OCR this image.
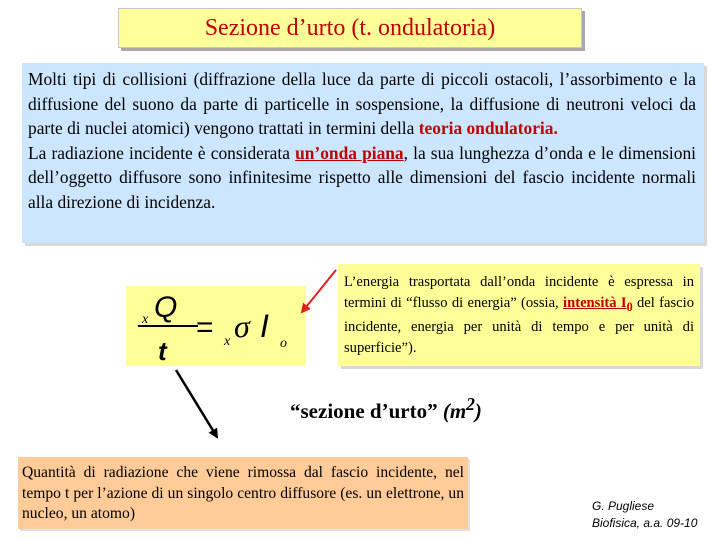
Sezione d’urto (t. ondulatoria)

Molti tipi di collisioni (diffrazione della luce da parte di piccoli ostacoli, l’assorbimento e la diffusione del suono da parte di particelle in sospensione, la diffusione di neutroni veloci da parte di nuclei atomici) vengono trattati in termini della teoria ondulatoria.

La radiazione incidente è considerata un’onda piana, la sua lunghezza d’onda e le dimensioni dell’oggetto diffusore sono infinitesime rispetto alle dimensioni del fascio incidente normali alla direzione di incidenza.

x Q
t
= x σ I o

L’energia trasportata dall’onda incidente è espressa in termini di “flusso di energia” (ossia, intensità $I_0$ del fascio incidente, energia per unità di tempo e per unità di superficie”).

“sezione d’urto” $(m^2)$

Quantità di radiazione che viene rimossa dal fascio incidente, nel tempo t per l’azione di un singolo centro diffusore (es. un elettrone, un nucleo, un atomo)	G. Pugliese
Biofisica, a.a. 09-10
